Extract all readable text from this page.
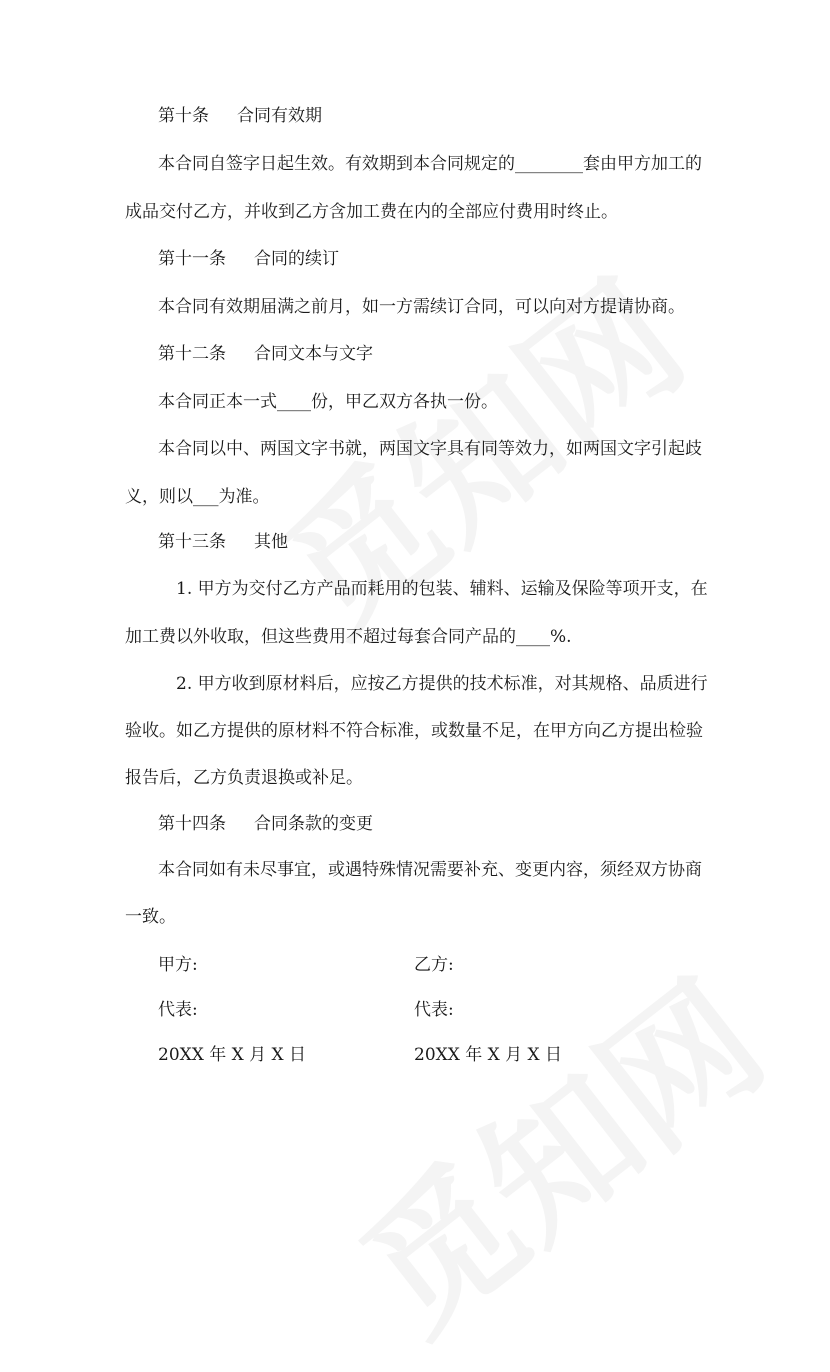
第十条 合同有效期
本合同自签字日起生效。有效期到本合同规定的________套由甲方加工的
成品交付乙方，并收到乙方含加工费在内的全部应付费用时终止。
第十一条 合同的续订
本合同有效期届满之前月，如一方需续订合同，可以向对方提请协商。
第十二条 合同文本与文字
本合同正本一式____份，甲乙双方各执一份。
本合同以中、两国文字书就，两国文字具有同等效力，如两国文字引起歧
义，则以___为准。
第十三条 其他
1. 甲方为交付乙方产品而耗用的包装、辅料、运输及保险等项开支，在
加工费以外收取，但这些费用不超过每套合同产品的____%.
2. 甲方收到原材料后，应按乙方提供的技术标准，对其规格、品质进行
验收。如乙方提供的原材料不符合标准，或数量不足，在甲方向乙方提出检验
报告后，乙方负责退换或补足。
第十四条 合同条款的变更
本合同如有未尽事宜，或遇特殊情况需要补充、变更内容，须经双方协商
一致。
甲方:	乙方:
代表:	代表:
20XX 年 X 月 X 日	20XX 年 X 月 X 日
